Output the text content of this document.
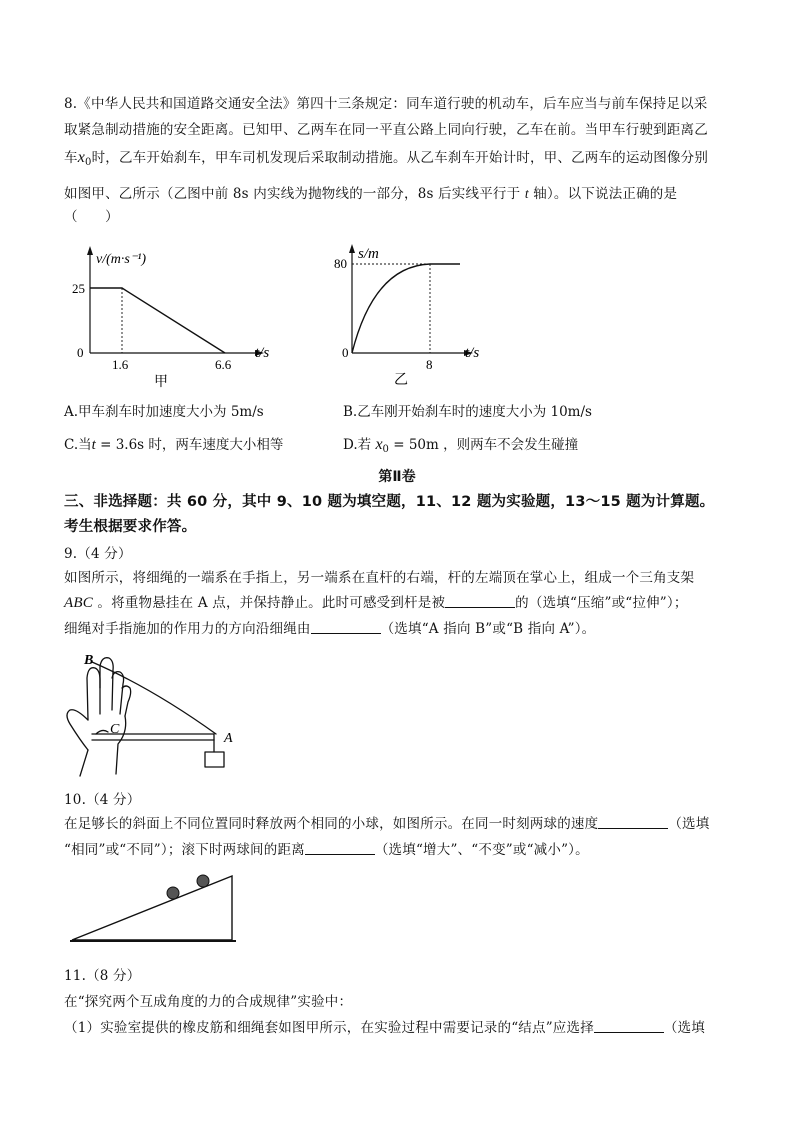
8.《中华人民共和国道路交通安全法》第四十三条规定：同车道行驶的机动车，后车应当与前车保持足以采
取紧急制动措施的安全距离。已知甲、乙两车在同一平直公路上同向行驶，乙车在前。当甲车行驶到距离乙
车$x_0$时，乙车开始刹车，甲车司机发现后采取制动措施。从乙车刹车开始计时，甲、乙两车的运动图像分别
如图甲、乙所示（乙图中前 8s 内实线为抛物线的一部分，8s 后实线平行于 t 轴）。以下说法正确的是
（　　）
v/(m·s⁻¹)
25
0
1.6	6.6
t/s
甲
s/m
80
0
8
t/s
乙
A.甲车刹车时加速度大小为 5m/s	B.乙车刚开始刹车时的速度大小为 10m/s
C.当t = 3.6s 时，两车速度大小相等	D.若 $x_0 = 50m$ ，则两车不会发生碰撞
第Ⅱ卷
三、非选择题：共 60 分，其中 9、10 题为填空题，11、12 题为实验题，13～15 题为计算题。
考生根据要求作答。
9.（4 分）
如图所示，将细绳的一端系在手指上，另一端系在直杆的右端，杆的左端顶在掌心上，组成一个三角支架
ABC 。将重物悬挂在 A 点，并保持静止。此时可感受到杆是被	的（选填“压缩”或“拉伸”）；
细绳对手指施加的作用力的方向沿细绳由	（选填“A 指向 B”或“B 指向 A”）。
B
C
A
10.（4 分）
在足够长的斜面上不同位置同时释放两个相同的小球，如图所示。在同一时刻两球的速度	（选填
“相同”或“不同”）；滚下时两球间的距离	（选填“增大”、“不变”或“减小”）。
11.（8 分）
在“探究两个互成角度的力的合成规律”实验中：
（1）实验室提供的橡皮筋和细绳套如图甲所示，在实验过程中需要记录的“结点”应选择	（选填
